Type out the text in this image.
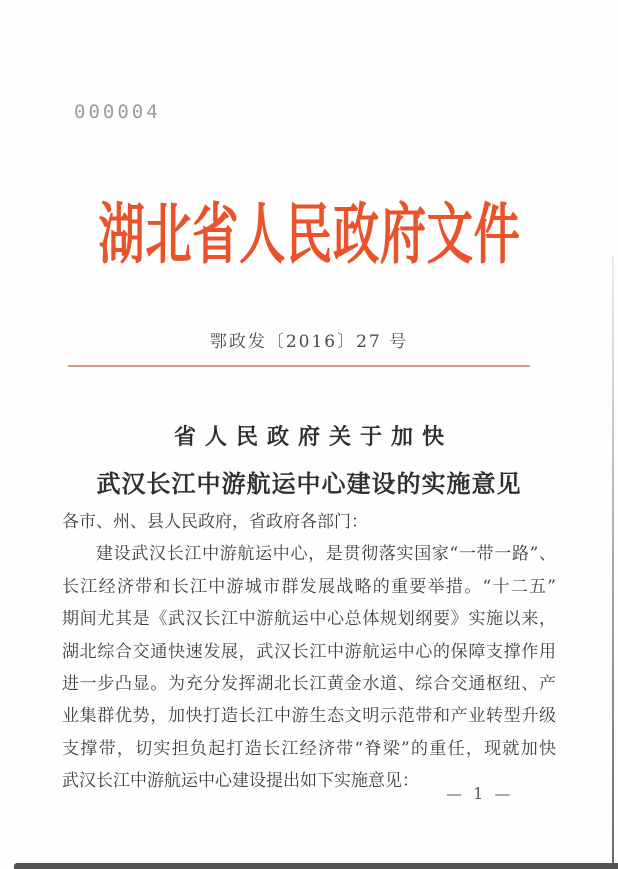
000004
湖北省人民政府文件
鄂政发〔2016〕27 号
省人民政府关于加快
武汉长江中游航运中心建设的实施意见
各市、州、县人民政府，省政府各部门：
建设武汉长江中游航运中心，是贯彻落实国家“一带一路”、
长江经济带和长江中游城市群发展战略的重要举措。“十二五”
期间尤其是《武汉长江中游航运中心总体规划纲要》实施以来，
湖北综合交通快速发展，武汉长江中游航运中心的保障支撑作用
进一步凸显。为充分发挥湖北长江黄金水道、综合交通枢纽、产
业集群优势，加快打造长江中游生态文明示范带和产业转型升级
支撑带，切实担负起打造长江经济带“脊梁”的重任，现就加快
武汉长江中游航运中心建设提出如下实施意见：
— 1 —
